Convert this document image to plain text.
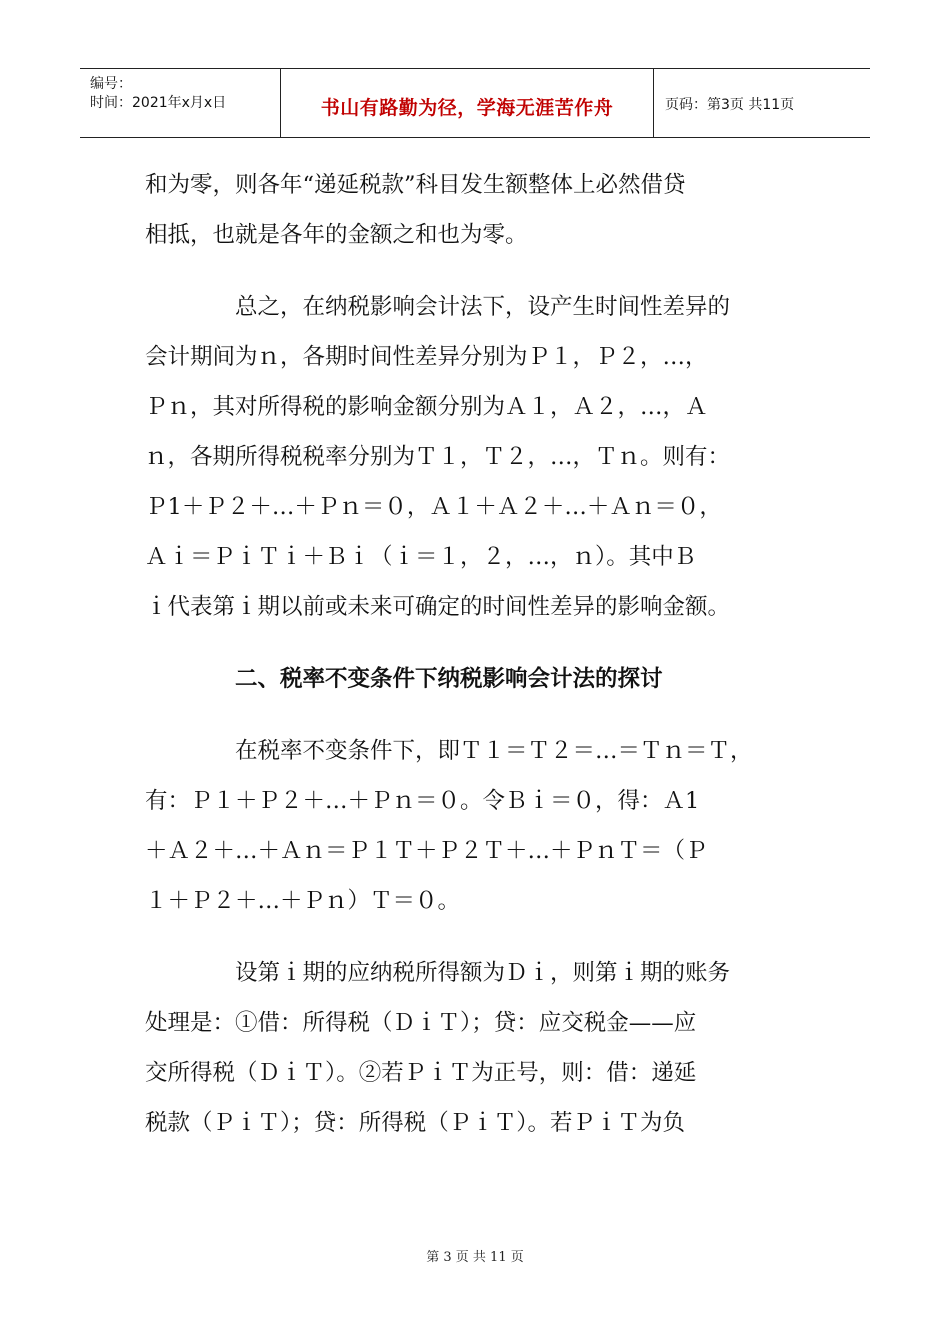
编号：
时间：2021年x月x日	书山有路勤为径，学海无涯苦作舟	页码：第3页 共11页
和为零，则各年“递延税款”科目发生额整体上必然借贷
相抵，也就是各年的金额之和也为零。
总之，在纳税影响会计法下，设产生时间性差异的
会计期间为ｎ，各期时间性差异分别为Ｐ１，Ｐ２，…，
Ｐｎ，其对所得税的影响金额分别为Ａ１，Ａ２，…，Ａ
ｎ，各期所得税税率分别为Ｔ１，Ｔ２，…，Ｔｎ。则有：
Ｐ1＋Ｐ２＋…＋Ｐｎ＝０，Ａ１＋Ａ２＋…＋Ａｎ＝０，
Ａｉ＝ＰｉＴｉ＋Ｂｉ（ｉ＝１，２，…，ｎ）。其中Ｂ
ｉ代表第ｉ期以前或未来可确定的时间性差异的影响金额。
二、税率不变条件下纳税影响会计法的探讨
在税率不变条件下，即Ｔ１＝Ｔ２＝…＝Ｔｎ＝Ｔ，
有：Ｐ１＋Ｐ２＋…＋Ｐｎ＝０。令Ｂｉ＝０，得：Ａ1
＋Ａ２＋…＋Ａｎ＝Ｐ１Ｔ＋Ｐ２Ｔ＋…＋ＰｎＴ＝（Ｐ
１＋Ｐ２＋…＋Ｐｎ）Ｔ＝０。
设第ｉ期的应纳税所得额为Ｄｉ，则第ｉ期的账务
处理是：①借：所得税（ＤｉＴ）；贷：应交税金——应
交所得税（ＤｉＴ）。②若ＰｉＴ为正号，则：借：递延
税款（ＰｉＴ）；贷：所得税（ＰｉＴ）。若ＰｉＴ为负
第 3 页 共 11 页
